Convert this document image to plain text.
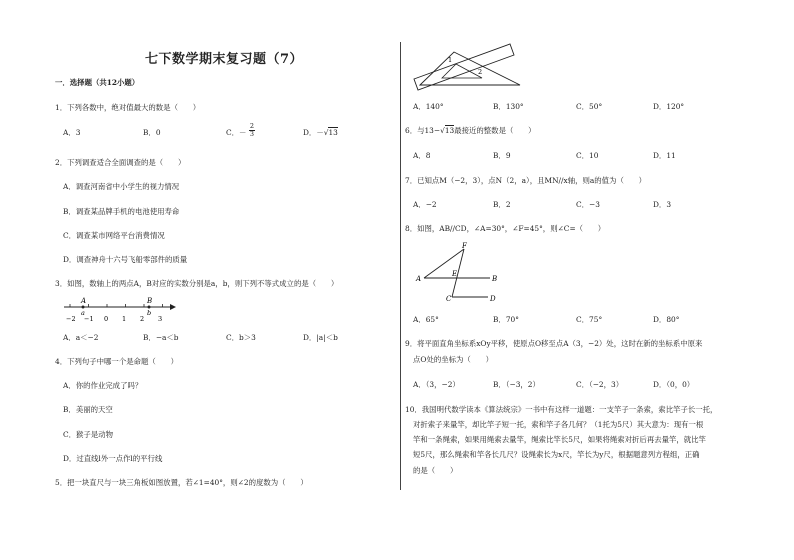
七下数学期末复习题（7）
一．选择题（共12小题）
1．下列各数中，绝对值最大的数是（　　）
A．3	B．0	C．－ $\frac{2}{3}$	D．－√13
2．下列调查适合全面调查的是（　　）
A．调查河南省中小学生的视力情况
B．调查某品牌手机的电池使用寿命
C．调查某市网络平台消费情况
D．调查神舟十六号飞船零部件的质量
3．如图，数轴上的两点A，B对应的实数分别是a，b，则下列不等式成立的是（　　）
A	B
a	b
−2 −1 0 1 2 3
A．a＜−2	B．−a＜b	C．b＞3	D．|a|＜b
4．下列句子中哪一个是命题（　　）
A．你的作业完成了吗？
B．美丽的天空
C．猴子是动物
D．过直线l外一点作l的平行线
5．把一块直尺与一块三角板如图放置，若∠1=40°，则∠2的度数为（　　）
1
2
A．140°	B．130°	C．50°	D．120°
6．与13−√13最接近的整数是（　　）
A．8	B．9	C．10	D．11
7．已知点M（−2，3），点N（2，a），且MN//x轴，则a的值为（　　）
A．−2	B．2	C．−3	D．3
8．如图，AB//CD，∠A=30°，∠F=45°，则∠C=（　　）
F
E
A	B
C	D
A．65°	B．70°	C．75°	D．80°
9．将平面直角坐标系xOy平移，使原点O移至点A（3，−2）处，这时在新的坐标系中原来
点O处的坐标为（　　）
A．（3，−2）	B．（−3，2）	C．（−2，3）	D．（0，0）
10．我国明代数学读本《算法统宗》一书中有这样一道题：一支竿子一条索，索比竿子长一托，
对折索子来量竿，却比竿子短一托，索和竿子各几何？（1托为5尺）其大意为：现有一根
竿和一条绳索，如果用绳索去量竿，绳索比竿长5尺，如果将绳索对折后再去量竿，就比竿
短5尺，那么绳索和竿各长几尺？设绳索长为x尺，竿长为y尺，根据题意列方程组，正确
的是（　　）
